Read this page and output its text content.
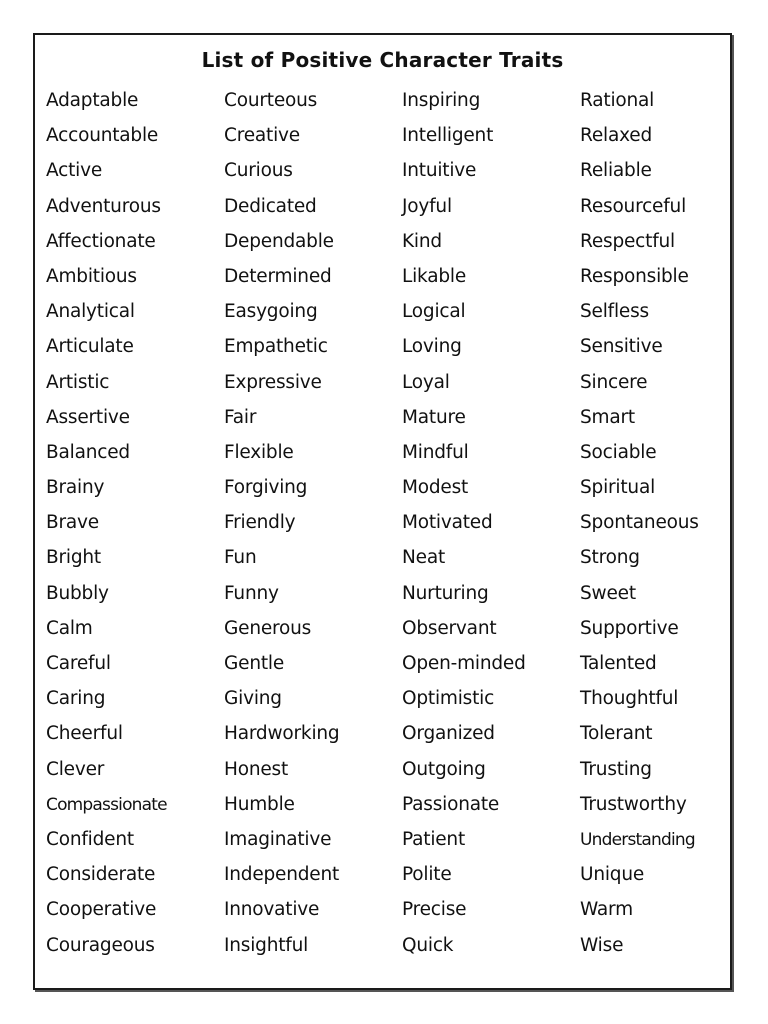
List of Positive Character Traits
Adaptable
Accountable
Active
Adventurous
Affectionate
Ambitious
Analytical
Articulate
Artistic
Assertive
Balanced
Brainy
Brave
Bright
Bubbly
Calm
Careful
Caring
Cheerful
Clever
Compassionate
Confident
Considerate
Cooperative
Courageous
Courteous
Creative
Curious
Dedicated
Dependable
Determined
Easygoing
Empathetic
Expressive
Fair
Flexible
Forgiving
Friendly
Fun
Funny
Generous
Gentle
Giving
Hardworking
Honest
Humble
Imaginative
Independent
Innovative
Insightful
Inspiring
Intelligent
Intuitive
Joyful
Kind
Likable
Logical
Loving
Loyal
Mature
Mindful
Modest
Motivated
Neat
Nurturing
Observant
Open-minded
Optimistic
Organized
Outgoing
Passionate
Patient
Polite
Precise
Quick
Rational
Relaxed
Reliable
Resourceful
Respectful
Responsible
Selfless
Sensitive
Sincere
Smart
Sociable
Spiritual
Spontaneous
Strong
Sweet
Supportive
Talented
Thoughtful
Tolerant
Trusting
Trustworthy
Understanding
Unique
Warm
Wise
